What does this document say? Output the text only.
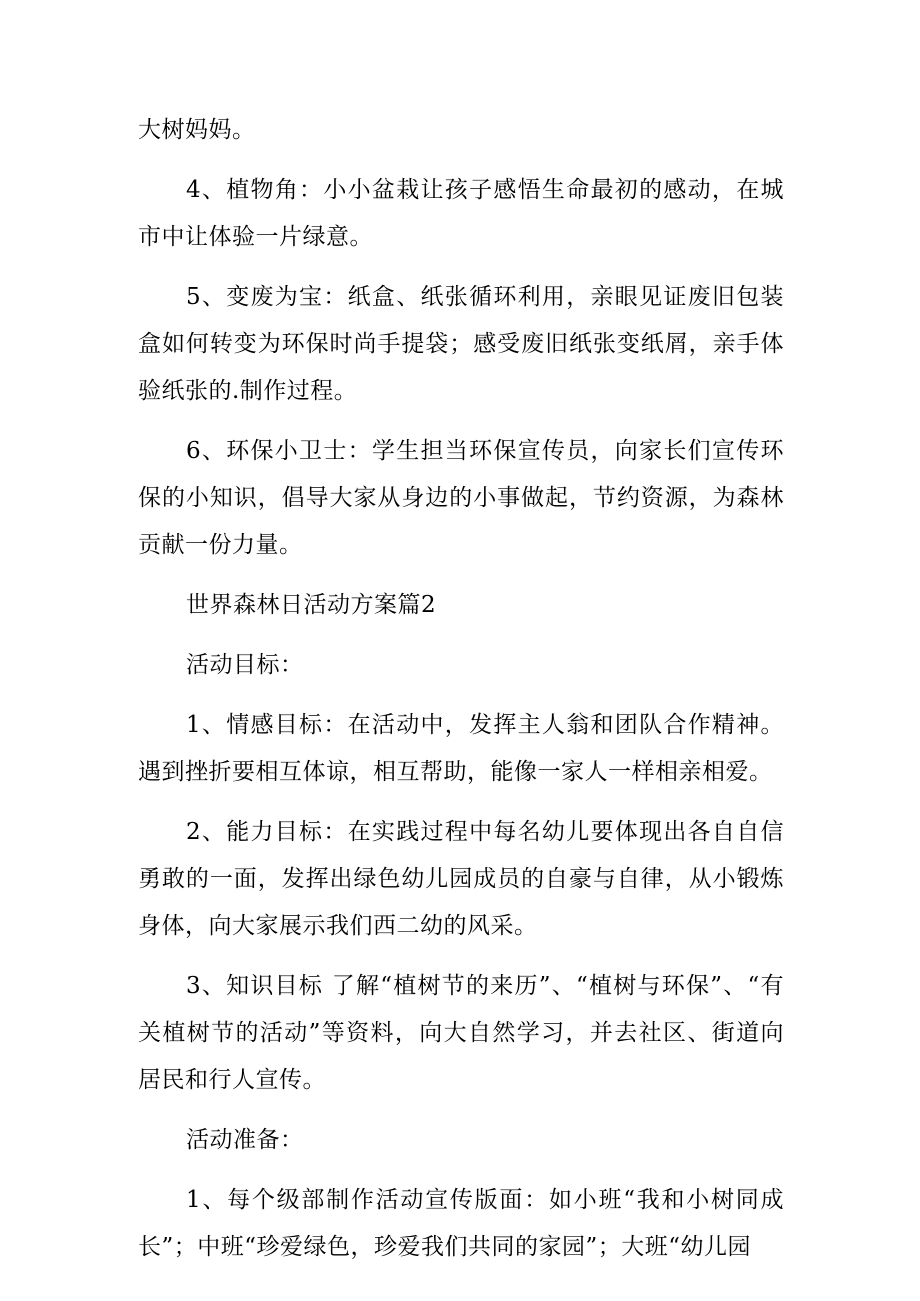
大树妈妈。

4、植物角：小小盆栽让孩子感悟生命最初的感动，在城市中让体验一片绿意。

5、变废为宝：纸盒、纸张循环利用，亲眼见证废旧包装盒如何转变为环保时尚手提袋；感受废旧纸张变纸屑，亲手体验纸张的.制作过程。

6、环保小卫士：学生担当环保宣传员，向家长们宣传环保的小知识，倡导大家从身边的小事做起，节约资源，为森林贡献一份力量。

世界森林日活动方案篇2

活动目标：

1、情感目标：在活动中，发挥主人翁和团队合作精神。遇到挫折要相互体谅，相互帮助，能像一家人一样相亲相爱。

2、能力目标：在实践过程中每名幼儿要体现出各自自信勇敢的一面，发挥出绿色幼儿园成员的自豪与自律，从小锻炼身体，向大家展示我们西二幼的风采。

3、知识目标 了解“植树节的来历”、“植树与环保”、“有关植树节的活动”等资料，向大自然学习，并去社区、街道向居民和行人宣传。

活动准备：

1、每个级部制作活动宣传版面：如小班“我和小树同成长”；中班“珍爱绿色，珍爱我们共同的家园”；大班“幼儿园
